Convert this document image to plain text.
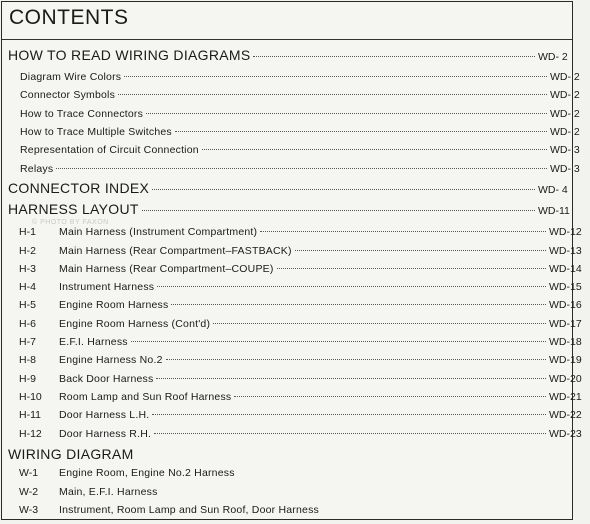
CONTENTS
© PHOTO BY FAXON
HOW TO READ WIRING DIAGRAMS	WD- 2
Diagram Wire Colors	WD- 2
Connector Symbols	WD- 2
How to Trace Connectors	WD- 2
How to Trace Multiple Switches	WD- 2
Representation of Circuit Connection	WD- 3
Relays	WD- 3
CONNECTOR INDEX	WD- 4
HARNESS LAYOUT	WD-11
H-1	Main Harness (Instrument Compartment)	WD-12
H-2	Main Harness (Rear Compartment–FASTBACK)	WD-13
H-3	Main Harness (Rear Compartment–COUPE)	WD-14
H-4	Instrument Harness	WD-15
H-5	Engine Room Harness	WD-16
H-6	Engine Room Harness (Cont'd)	WD-17
H-7	E.F.I. Harness	WD-18
H-8	Engine Harness No.2	WD-19
H-9	Back Door Harness	WD-20
H-10	Room Lamp and Sun Roof Harness	WD-21
H-11	Door Harness L.H.	WD-22
H-12	Door Harness R.H.	WD-23
WIRING DIAGRAM
W-1	Engine Room, Engine No.2 Harness
W-2	Main, E.F.I. Harness
W-3	Instrument, Room Lamp and Sun Roof, Door Harness
